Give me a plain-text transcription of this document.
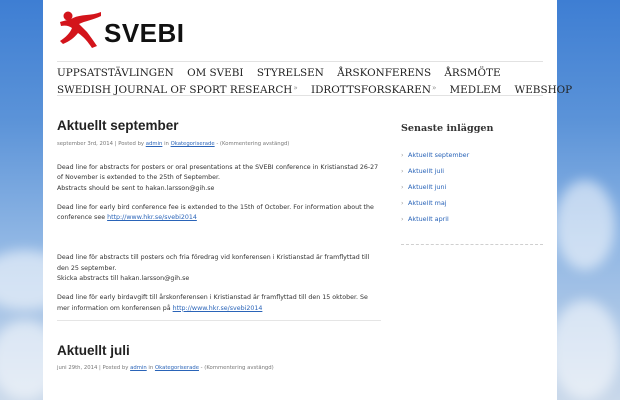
SVEBI
UPPSATSTÄVLINGEN OM SVEBI STYRELSEN ÅRSKONFERENS ÅRSMÖTE
SWEDISH JOURNAL OF SPORT RESEARCH» IDROTTSFORSKAREN» MEDLEM WEBSHOP
Aktuellt september
september 3rd, 2014 | Posted by admin in Okategoriserade - (Kommentering avstängd)

Dead line for abstracts for posters or oral presentations at the SVEBI conference in Kristianstad 26-27 of November is extended to the 25th of September.
Abstracts should be sent to hakan.larsson@gih.se

Dead line for early bird conference fee is extended to the 15th of October. For information about the conference see http://www.hkr.se/svebi2014

Dead line för abstracts till posters och fria föredrag vid konferensen i Kristianstad är framflyttad till den 25 september.
Skicka abstracts till hakan.larsson@gih.se

Dead line för early birdavgift till årskonferensen i Kristianstad är framflyttad till den 15 oktober. Se mer information om konferensen på http://www.hkr.se/svebi2014

Aktuellt juli
juni 29th, 2014 | Posted by admin in Okategoriserade - (Kommentering avstängd)
Senaste inläggen
› Aktuellt september
› Aktuellt juli
› Aktuellt juni
› Aktuellt maj
› Aktuellt april
